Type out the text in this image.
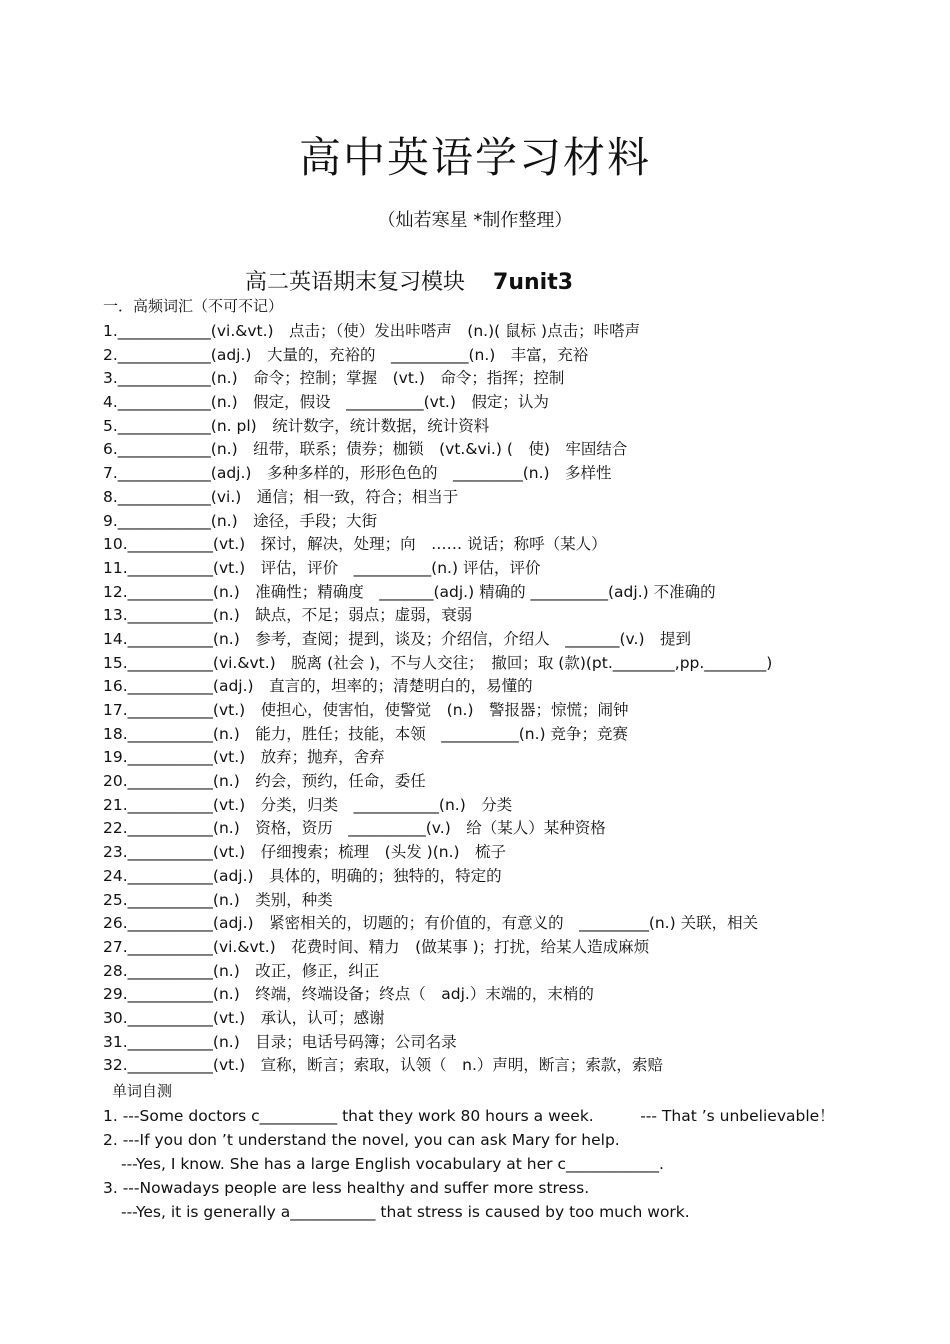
高中英语学习材料
（灿若寒星 *制作整理）
高二英语期末复习模块 7unit3
一．高频词汇（不可不记）
1.____________(vi.&vt.)　点击；（使）发出咔嗒声　(n.)( 鼠标 )点击；咔嗒声
2.____________(adj.)　大量的，充裕的　__________(n.)　丰富，充裕
3.____________(n.)　命令；控制；掌握　(vt.)　命令；指挥；控制
4.____________(n.)　假定，假设　__________(vt.)　假定；认为
5.____________(n. pl)　统计数字，统计数据，统计资料
6.____________(n.)　纽带，联系；债券；枷锁　(vt.&vi.) (　使)　牢固结合
7.____________(adj.)　多种多样的，形形色色的　_________(n.)　多样性
8.____________(vi.)　通信；相一致，符合；相当于
9.____________(n.)　途径，手段；大街
10.___________(vt.)　探讨，解决，处理；向　…… 说话；称呼（某人）
11.___________(vt.)　评估，评价　__________(n.) 评估，评价
12.___________(n.)　准确性；精确度　_______(adj.) 精确的 __________(adj.) 不准确的
13.___________(n.)　缺点，不足；弱点；虚弱，衰弱
14.___________(n.)　参考，查阅；提到，谈及；介绍信，介绍人　_______(v.)　提到
15.___________(vi.&vt.)　脱离 (社会 )，不与人交往；　撤回；取 (款)(pt.________,pp.________)
16.___________(adj.)　直言的，坦率的；清楚明白的，易懂的
17.___________(vt.)　使担心，使害怕，使警觉　(n.)　警报器；惊慌；闹钟
18.___________(n.)　能力，胜任；技能，本领　__________(n.) 竞争；竞赛
19.___________(vt.)　放弃；抛弃，舍弃
20.___________(n.)　约会，预约，任命，委任
21.___________(vt.)　分类，归类　___________(n.)　分类
22.___________(n.)　资格，资历　__________(v.)　给（某人）某种资格
23.___________(vt.)　仔细搜索；梳理　(头发 )(n.)　梳子
24.___________(adj.)　具体的，明确的；独特的，特定的
25.___________(n.)　类别，种类
26.___________(adj.)　紧密相关的，切题的；有价值的，有意义的　_________(n.) 关联，相关
27.___________(vi.&vt.)　花费时间、精力　(做某事 )；打扰，给某人造成麻烦
28.___________(n.)　改正，修正，纠正
29.___________(n.)　终端，终端设备；终点（　adj.）末端的，末梢的
30.___________(vt.)　承认，认可；感谢
31.___________(n.)　目录；电话号码簿；公司名录
32.___________(vt.)　宣称，断言；索取，认领（　n.）声明，断言；索款，索赔
单词自测
1. ---Some doctors c__________ that they work 80 hours a week.　　　--- That ’s unbelievable！
2. ---If you don ’t understand the novel, you can ask Mary for help.
---Yes, I know. She has a large English vocabulary at her c____________.
3. ---Nowadays people are less healthy and suffer more stress.
---Yes, it is generally a___________ that stress is caused by too much work.
